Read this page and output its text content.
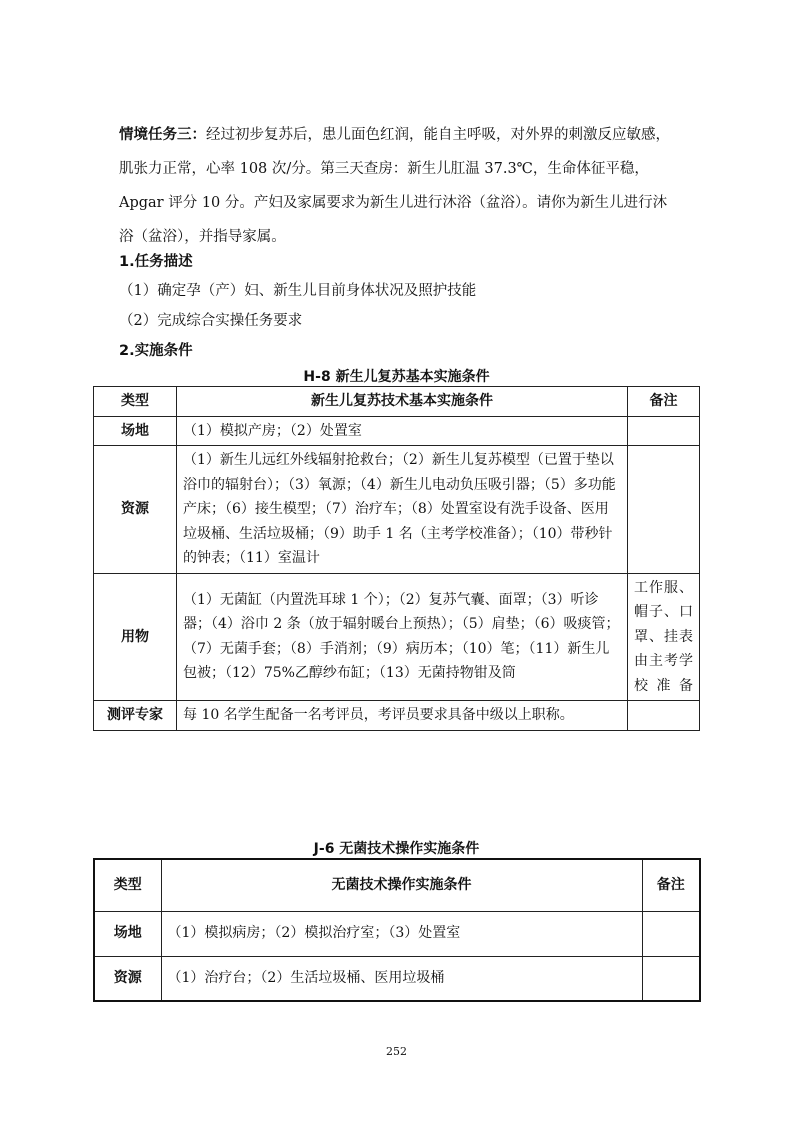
情境任务三：经过初步复苏后，患儿面色红润，能自主呼吸，对外界的刺激反应敏感，肌张力正常，心率 108 次/分。第三天查房：新生儿肛温 37.3℃，生命体征平稳，Apgar 评分 10 分。产妇及家属要求为新生儿进行沐浴（盆浴）。请你为新生儿进行沐浴（盆浴），并指导家属。

1.任务描述
（1）确定孕（产）妇、新生儿目前身体状况及照护技能
（2）完成综合实操任务要求
2.实施条件
H-8 新生儿复苏基本实施条件
类型	新生儿复苏技术基本实施条件	备注
场地	（1）模拟产房；（2）处置室	
资源	（1）新生儿远红外线辐射抢救台；（2）新生儿复苏模型（已置于垫以浴巾的辐射台）；（3）氧源；（4）新生儿电动负压吸引器；（5）多功能产床；（6）接生模型；（7）治疗车；（8）处置室设有洗手设备、医用垃圾桶、生活垃圾桶；（9）助手 1 名（主考学校准备）；（10）带秒针的钟表；（11）室温计	
用物	（1）无菌缸（内置洗耳球 1 个）；（2）复苏气囊、面罩；（3）听诊器；（4）浴巾 2 条（放于辐射暖台上预热）；（5）肩垫；（6）吸痰管；（7）无菌手套；（8）手消剂；（9）病历本；（10）笔；（11）新生儿包被；（12）75%乙醇纱布缸；（13）无菌持物钳及筒	工作服、帽子、口罩、挂表由主考学校准备
测评专家	每 10 名学生配备一名考评员，考评员要求具备中级以上职称。	
J-6 无菌技术操作实施条件
类型	无菌技术操作实施条件	备注
场地	（1）模拟病房；（2）模拟治疗室；（3）处置室	
资源	（1）治疗台；（2）生活垃圾桶、医用垃圾桶	
252
